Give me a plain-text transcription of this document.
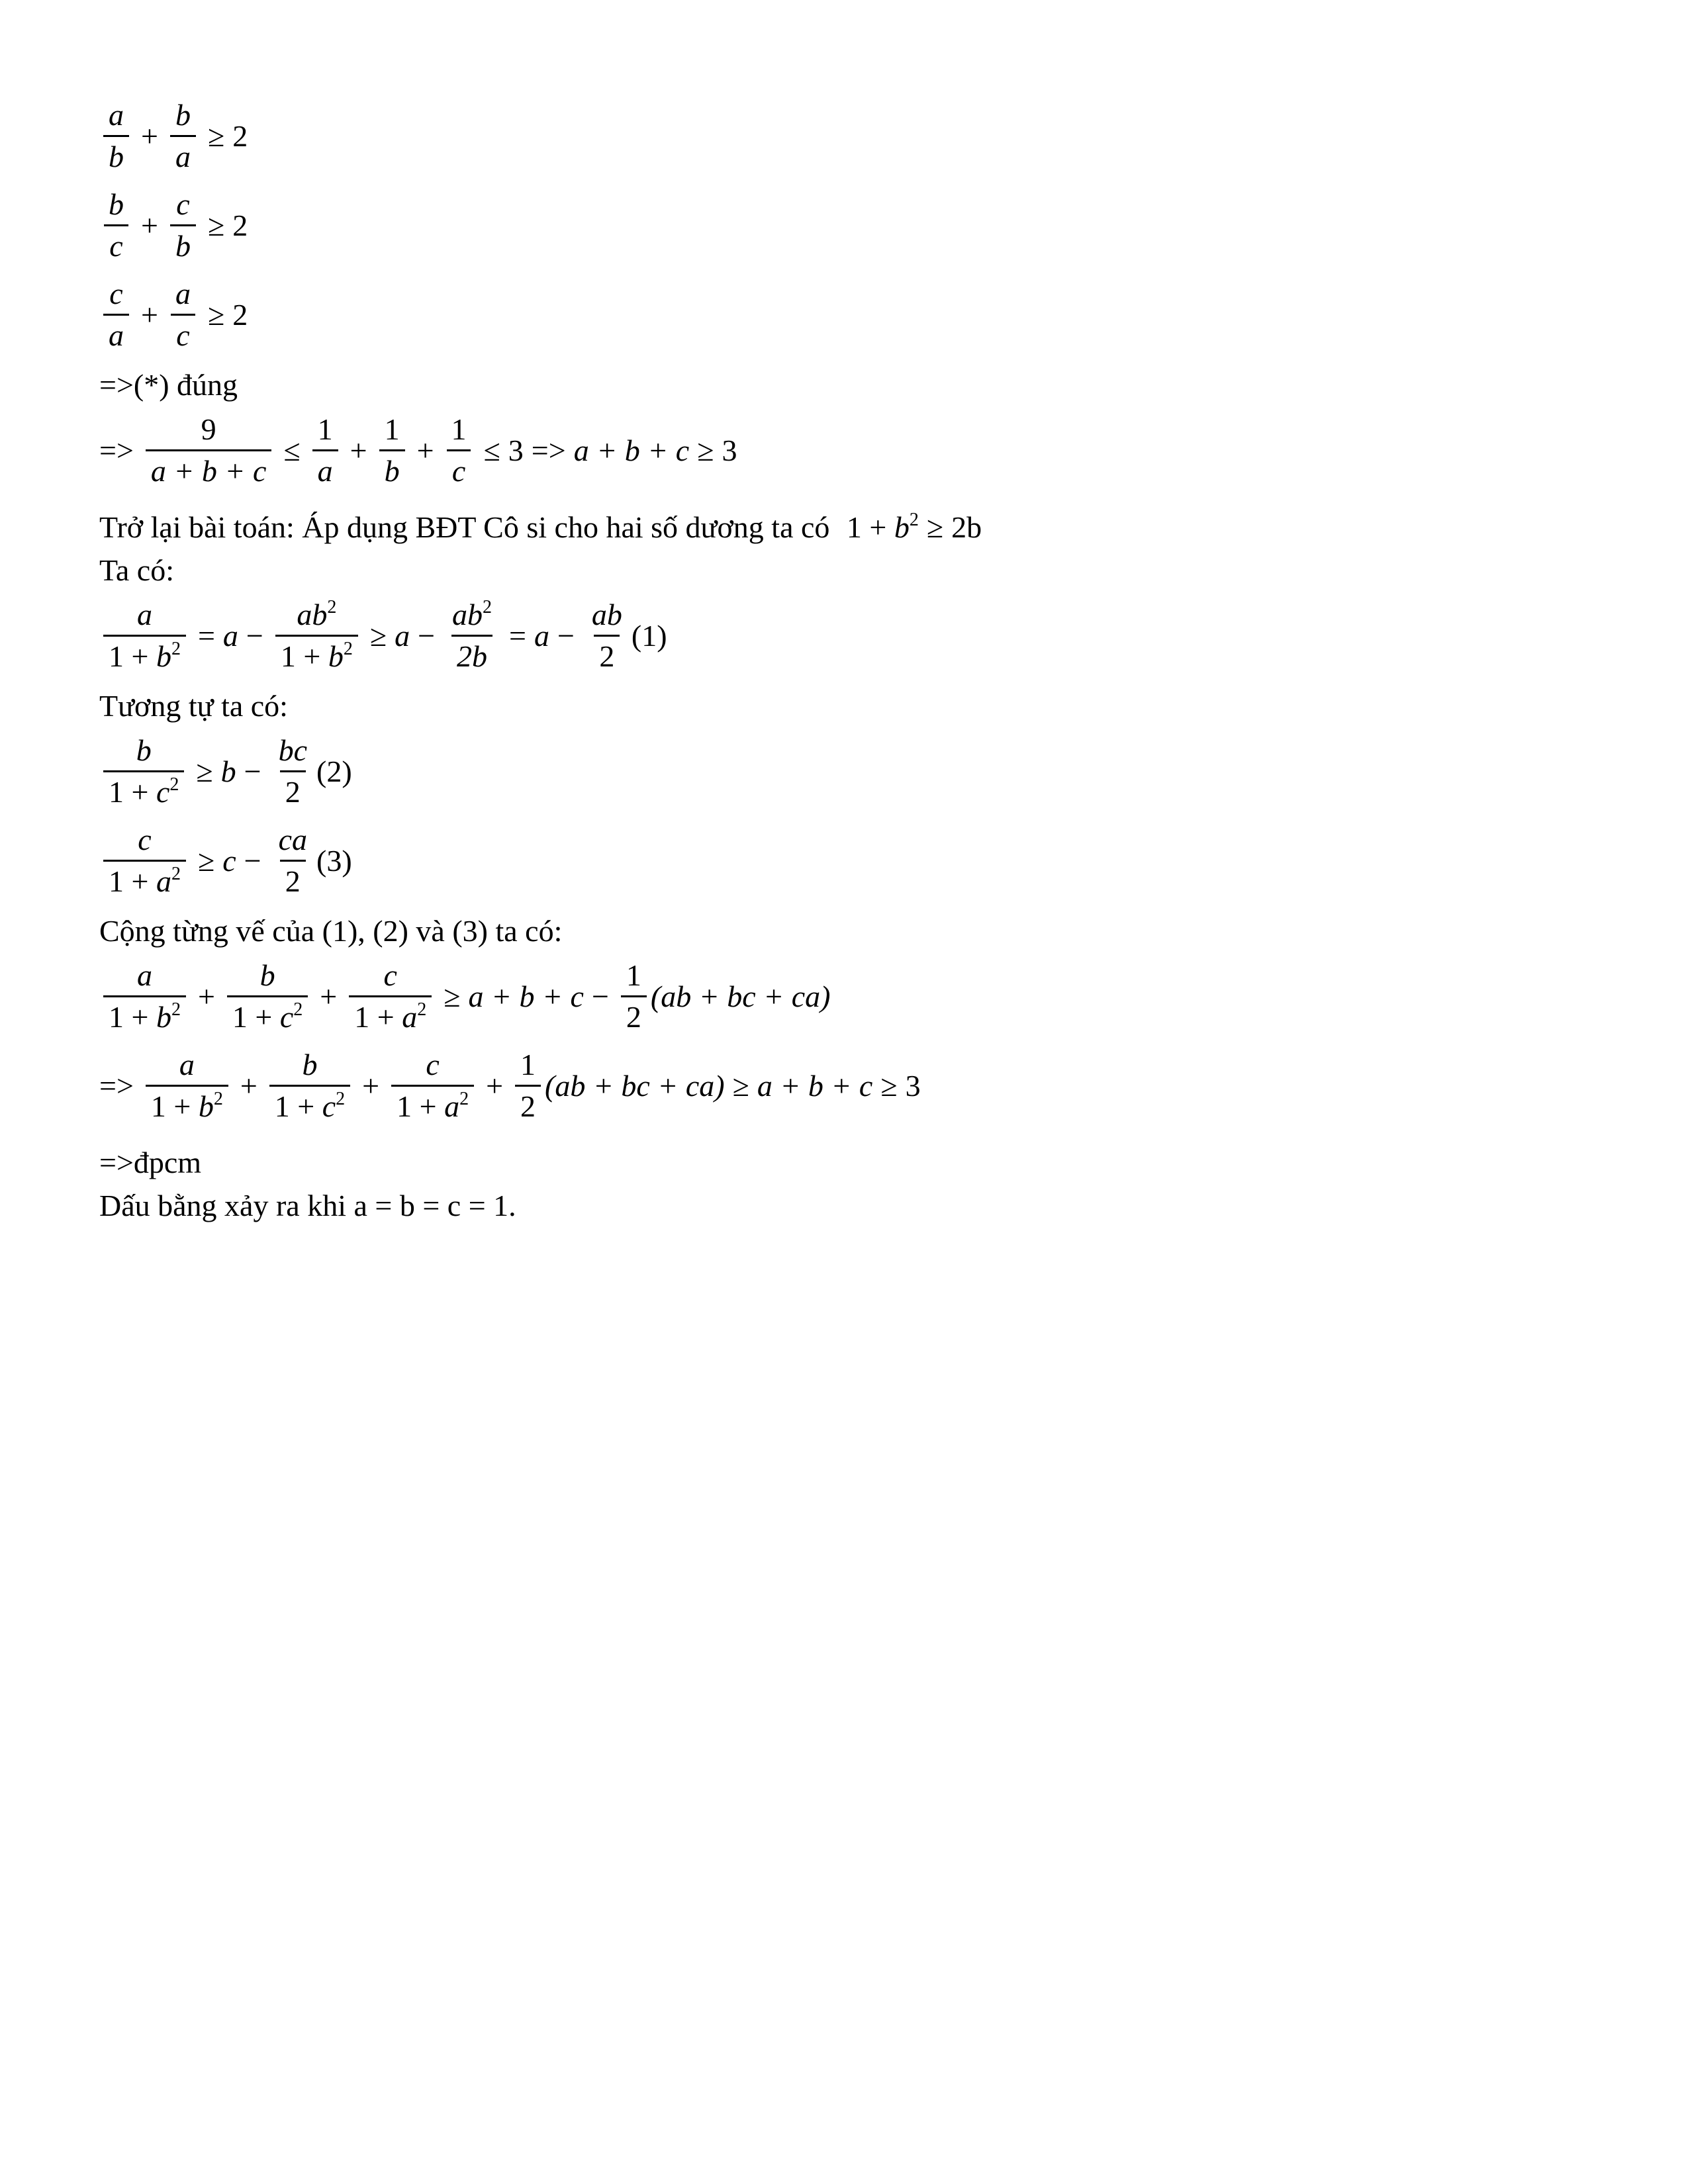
$\frac{a}{b} + \frac{b}{a} \ge 2$
$\frac{b}{c} + \frac{c}{b} \ge 2$
$\frac{c}{a} + \frac{a}{c} \ge 2$
=>(*) đúng
=> $\frac{9}{a + b + c} \le \frac{1}{a} + \frac{1}{b} + \frac{1}{c} \le 3 => a + b + c \ge 3$
Trở lại bài toán: Áp dụng BĐT Cô si cho hai số dương ta có $1 + b^2 \ge 2b$
Ta có:
$\frac{a}{1 + b^2} = a - \frac{ab^2}{1 + b^2} \ge a - \frac{ab^2}{2b} = a - \frac{ab}{2} (1)$
Tương tự ta có:
$\frac{b}{1 + c^2} \ge b - \frac{bc}{2} (2)$
$\frac{c}{1 + a^2} \ge c - \frac{ca}{2} (3)$
Cộng từng vế của (1), (2) và (3) ta có:
$\frac{a}{1 + b^2} + \frac{b}{1 + c^2} + \frac{c}{1 + a^2} \ge a + b + c - \frac{1}{2} (ab$ + bc + ca)
=> $\frac{a}{1 + b^2} + \frac{b}{1 + c^2} + \frac{c}{1 + a^2} + \frac{1}{2} (ab$ + bc + ca) ≥ a + b + c ≥ 3
=>đpcm
Dấu bằng xảy ra khi a = b = c = 1.
